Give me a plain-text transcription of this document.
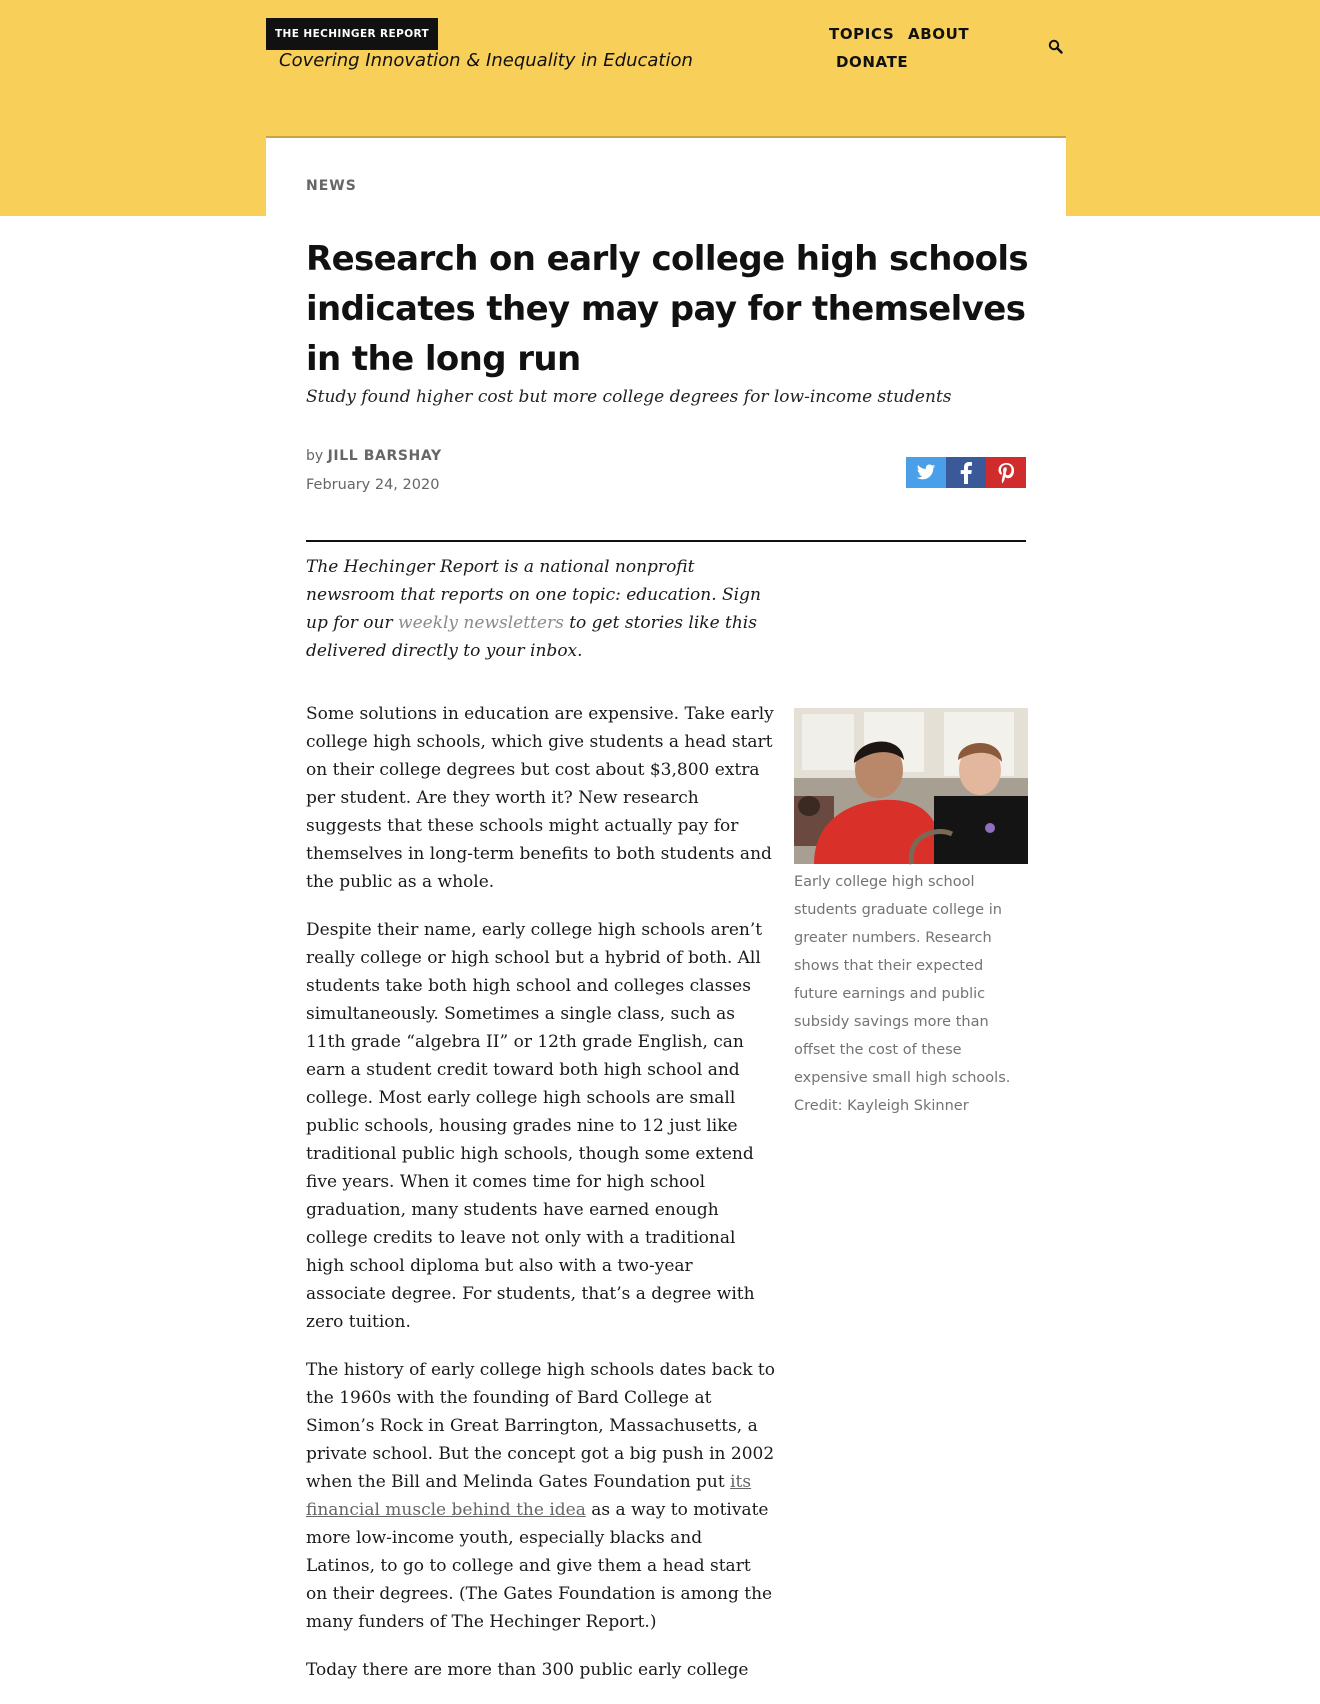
THE HECHINGER REPORT
Covering Innovation & Inequality in Education
TOPICS ABOUT
DONATE
NEWS
Research on early college high schools indicates they may pay for themselves in the long run
Study found higher cost but more college degrees for low-income students
by JILL BARSHAY
February 24, 2020
The Hechinger Report is a national nonprofit newsroom that reports on one topic: education. Sign up for our weekly newsletters to get stories like this delivered directly to your inbox.

Some solutions in education are expensive. Take early college high schools, which give students a head start on their college degrees but cost about $3,800 extra per student. Are they worth it? New research suggests that these schools might actually pay for themselves in long-term benefits to both students and the public as a whole.

Despite their name, early college high schools aren’t really college or high school but a hybrid of both. All students take both high school and colleges classes simultaneously. Sometimes a single class, such as 11th grade “algebra II” or 12th grade English, can earn a student credit toward both high school and college. Most early college high schools are small public schools, housing grades nine to 12 just like traditional public high schools, though some extend five years. When it comes time for high school graduation, many students have earned enough college credits to leave not only with a traditional high school diploma but also with a two-year associate degree. For students, that’s a degree with zero tuition.

The history of early college high schools dates back to the 1960s with the founding of Bard College at Simon’s Rock in Great Barrington, Massachusetts, a private school. But the concept got a big push in 2002 when the Bill and Melinda Gates Foundation put its financial muscle behind the idea as a way to motivate more low-income youth, especially blacks and Latinos, to go to college and give them a head start on their degrees. (The Gates Foundation is among the many funders of The Hechinger Report.)

Today there are more than 300 public early college

Early college high school students graduate college in greater numbers. Research shows that their expected future earnings and public subsidy savings more than offset the cost of these expensive small high schools. Credit: Kayleigh Skinner
